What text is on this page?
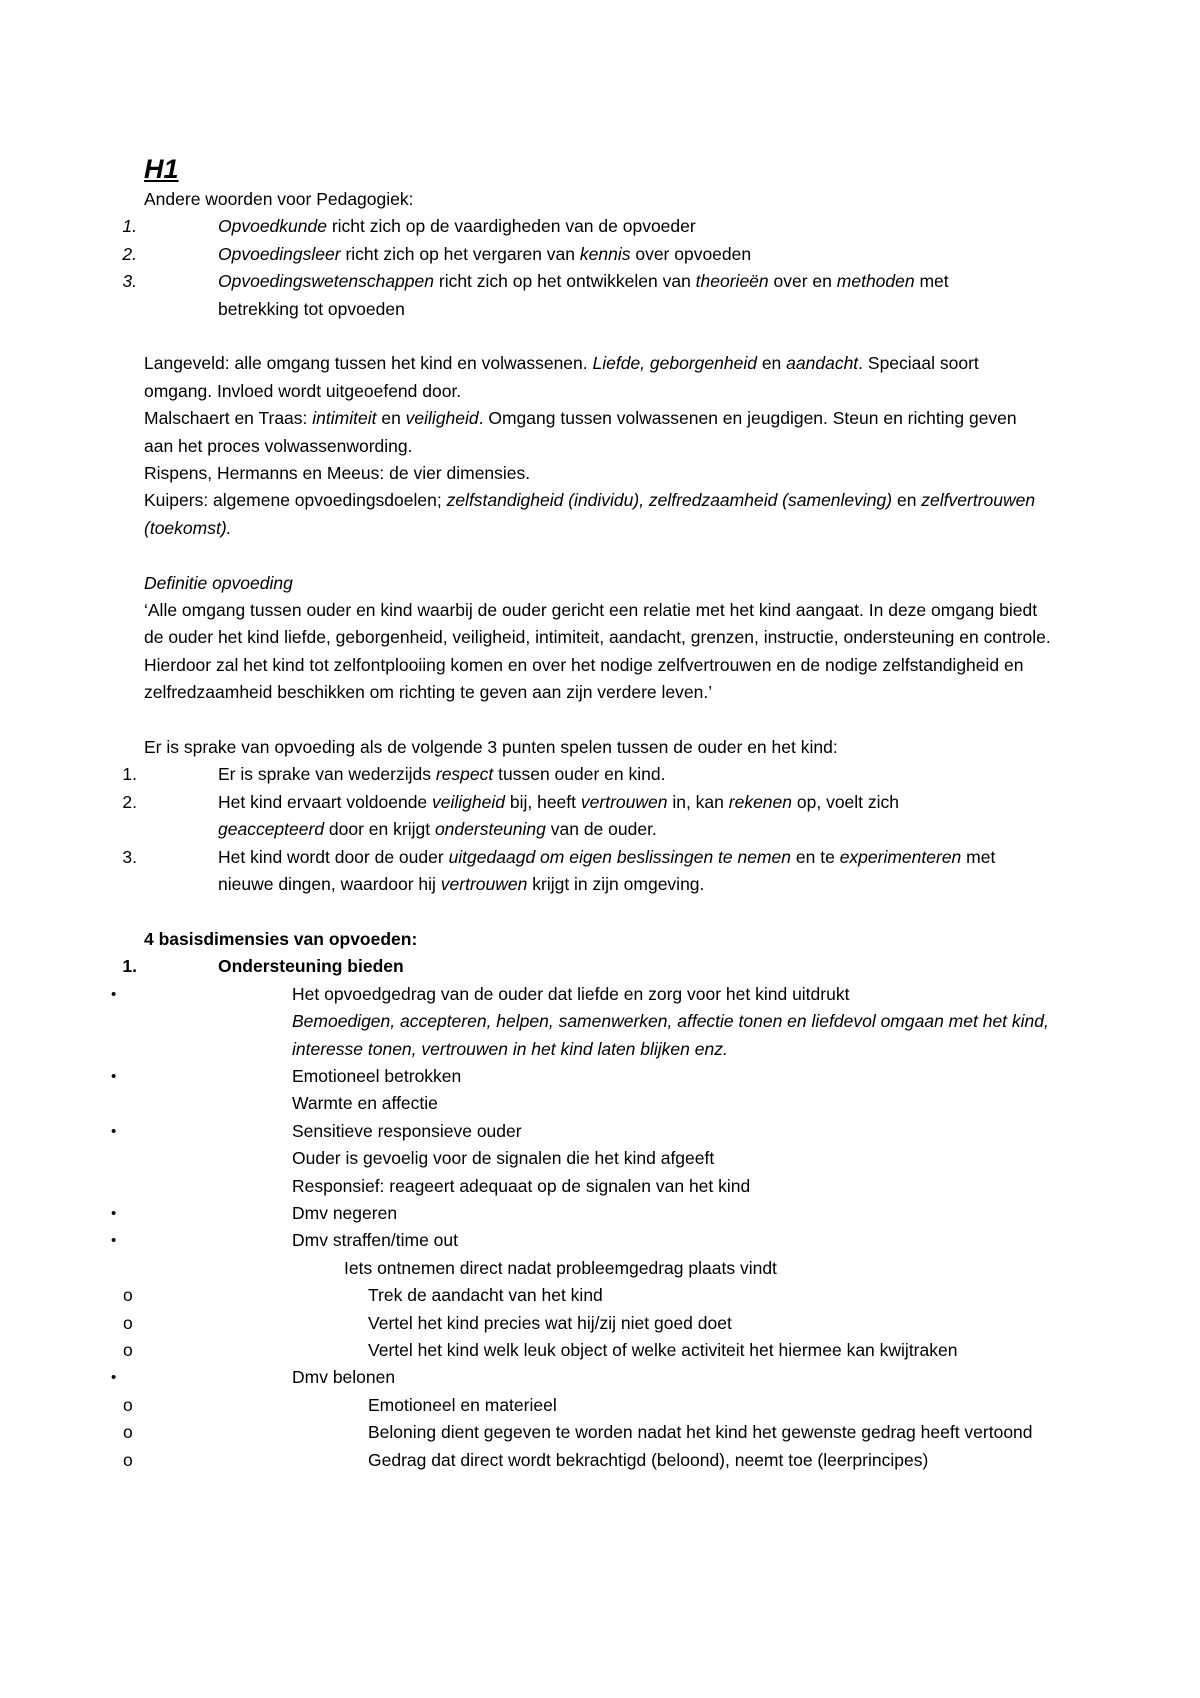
H1

Andere woorden voor Pedagogiek:

1.	Opvoedkunde richt zich op de vaardigheden van de opvoeder
2.	Opvoedingsleer richt zich op het vergaren van kennis over opvoeden
3.	Opvoedingswetenschappen richt zich op het ontwikkelen van theorieën over en methoden met betrekking tot opvoeden

Langeveld: alle omgang tussen het kind en volwassenen. Liefde, geborgenheid en aandacht. Speciaal soort omgang. Invloed wordt uitgeoefend door.

Malschaert en Traas: intimiteit en veiligheid. Omgang tussen volwassenen en jeugdigen. Steun en richting geven aan het proces volwassenwording.

Rispens, Hermanns en Meeus: de vier dimensies.

Kuipers: algemene opvoedingsdoelen; zelfstandigheid (individu), zelfredzaamheid (samenleving) en zelfvertrouwen (toekomst).

Definitie opvoeding

‘Alle omgang tussen ouder en kind waarbij de ouder gericht een relatie met het kind aangaat. In deze omgang biedt de ouder het kind liefde, geborgenheid, veiligheid, intimiteit, aandacht, grenzen, instructie, ondersteuning en controle. Hierdoor zal het kind tot zelfontplooiing komen en over het nodige zelfvertrouwen en de nodige zelfstandigheid en zelfredzaamheid beschikken om richting te geven aan zijn verdere leven.’

Er is sprake van opvoeding als de volgende 3 punten spelen tussen de ouder en het kind:

1.	Er is sprake van wederzijds respect tussen ouder en kind.
2.	Het kind ervaart voldoende veiligheid bij, heeft vertrouwen in, kan rekenen op, voelt zich geaccepteerd door en krijgt ondersteuning van de ouder.
3.	Het kind wordt door de ouder uitgedaagd om eigen beslissingen te nemen en te experimenteren met nieuwe dingen, waardoor hij vertrouwen krijgt in zijn omgeving.

4 basisdimensies van opvoeden:

1.	Ondersteuning bieden
•	Het opvoedgedrag van de ouder dat liefde en zorg voor het kind uitdrukt

Bemoedigen, accepteren, helpen, samenwerken, affectie tonen en liefdevol omgaan met het kind, interesse tonen, vertrouwen in het kind laten blijken enz.

•	Emotioneel betrokken

Warmte en affectie

•	Sensitieve responsieve ouder

Ouder is gevoelig voor de signalen die het kind afgeeft

Responsief: reageert adequaat op de signalen van het kind

•	Dmv negeren

•	Dmv straffen/time out

Iets ontnemen direct nadat probleemgedrag plaats vindt

o	Trek de aandacht van het kind
o	Vertel het kind precies wat hij/zij niet goed doet
o	Vertel het kind welk leuk object of welke activiteit het hiermee kan kwijtraken
•	Dmv belonen

o	Emotioneel en materieel
o	Beloning dient gegeven te worden nadat het kind het gewenste gedrag heeft vertoond
o	Gedrag dat direct wordt bekrachtigd (beloond), neemt toe (leerprincipes)
